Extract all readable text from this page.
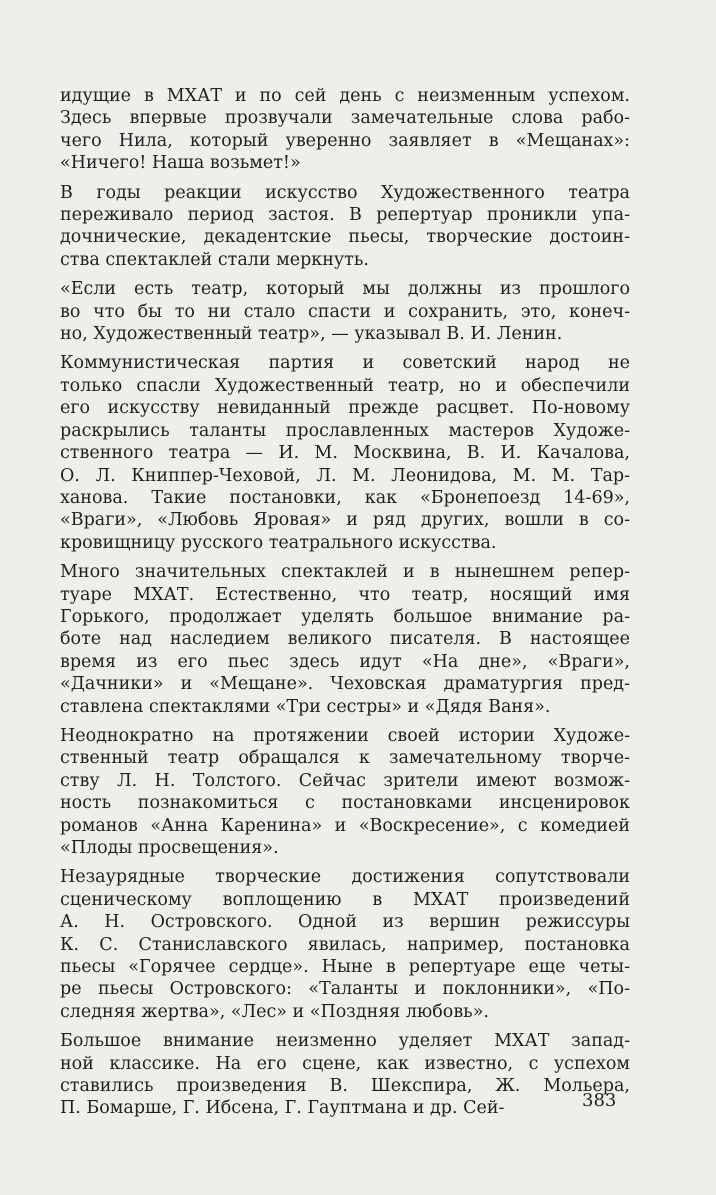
идущие в МХАТ и по сей день с неизменным успехом.
Здесь впервые прозвучали замечательные слова рабо-
чего Нила, который уверенно заявляет в «Мещанах»:
«Ничего! Наша возьмет!»
В годы реакции искусство Художественного театра
переживало период застоя. В репертуар проникли упа-
дочнические, декадентские пьесы, творческие достоин-
ства спектаклей стали меркнуть.
«Если есть театр, который мы должны из прошлого
во что бы то ни стало спасти и сохранить, это, конеч-
но, Художественный театр», — указывал В. И. Ленин.
Коммунистическая партия и советский народ не
только спасли Художественный театр, но и обеспечили
его искусству невиданный прежде расцвет. По-новому
раскрылись таланты прославленных мастеров Художе-
ственного театра — И. М. Москвина, В. И. Качалова,
О. Л. Книппер-Чеховой, Л. М. Леонидова, М. М. Тар-
ханова. Такие постановки, как «Бронепоезд 14-69»,
«Враги», «Любовь Яровая» и ряд других, вошли в со-
кровищницу русского театрального искусства.
Много значительных спектаклей и в нынешнем репер-
туаре МХАТ. Естественно, что театр, носящий имя
Горького, продолжает уделять большое внимание ра-
боте над наследием великого писателя. В настоящее
время из его пьес здесь идут «На дне», «Враги»,
«Дачники» и «Мещане». Чеховская драматургия пред-
ставлена спектаклями «Три сестры» и «Дядя Ваня».
Неоднократно на протяжении своей истории Художе-
ственный театр обращался к замечательному творче-
ству Л. Н. Толстого. Сейчас зрители имеют возмож-
ность познакомиться с постановками инсценировок
романов «Анна Каренина» и «Воскресение», с комедией
«Плоды просвещения».
Незаурядные творческие достижения сопутствовали
сценическому воплощению в МХАТ произведений
А. Н. Островского. Одной из вершин режиссуры
К. С. Станиславского явилась, например, постановка
пьесы «Горячее сердце». Ныне в репертуаре еще четы-
ре пьесы Островского: «Таланты и поклонники», «По-
следняя жертва», «Лес» и «Поздняя любовь».
Большое внимание неизменно уделяет МХАТ запад-
ной классике. На его сцене, как известно, с успехом
ставились произведения В. Шекспира, Ж. Мольера,
П. Бомарше, Г. Ибсена, Г. Гауптмана и др. Сей-	383
